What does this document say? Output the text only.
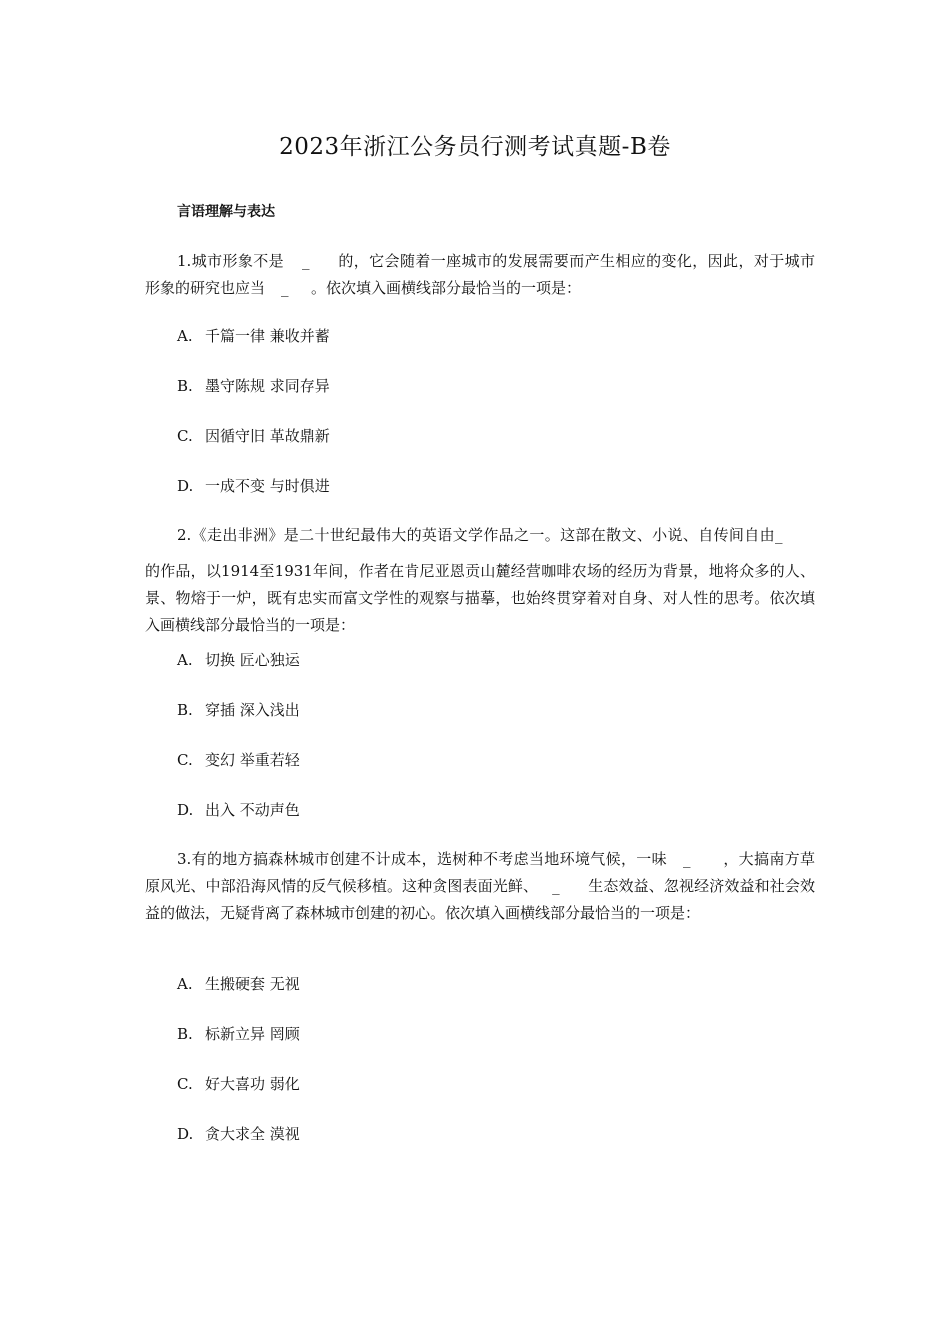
2023年浙江公务员行测考试真题-B卷
言语理解与表达

1.城市形象不是 _ 的，它会随着一座城市的发展需要而产生相应的变化，因此，对于城市形象的研究也应当 _ 。依次填入画横线部分最恰当的一项是：

A. 千篇一律 兼收并蓄
B. 墨守陈规 求同存异
C. 因循守旧 革故鼎新
D. 一成不变 与时俱进

2.《走出非洲》是二十世纪最伟大的英语文学作品之一。这部在散文、小说、自传间自由_的作品，以1914至1931年间，作者在肯尼亚恩贡山麓经营咖啡农场的经历为背景，地将众多的人、景、物熔于一炉，既有忠实而富文学性的观察与描摹，也始终贯穿着对自身、对人性的思考。依次填入画横线部分最恰当的一项是：

A. 切换 匠心独运
B. 穿插 深入浅出
C. 变幻 举重若轻
D. 出入 不动声色

3.有的地方搞森林城市创建不计成本，选树种不考虑当地环境气候，一味 _ ，大搞南方草原风光、中部沿海风情的反气候移植。这种贪图表面光鲜、 _ 生态效益、忽视经济效益和社会效益的做法，无疑背离了森林城市创建的初心。依次填入画横线部分最恰当的一项是：

A. 生搬硬套 无视
B. 标新立异 罔顾
C. 好大喜功 弱化
D. 贪大求全 漠视
